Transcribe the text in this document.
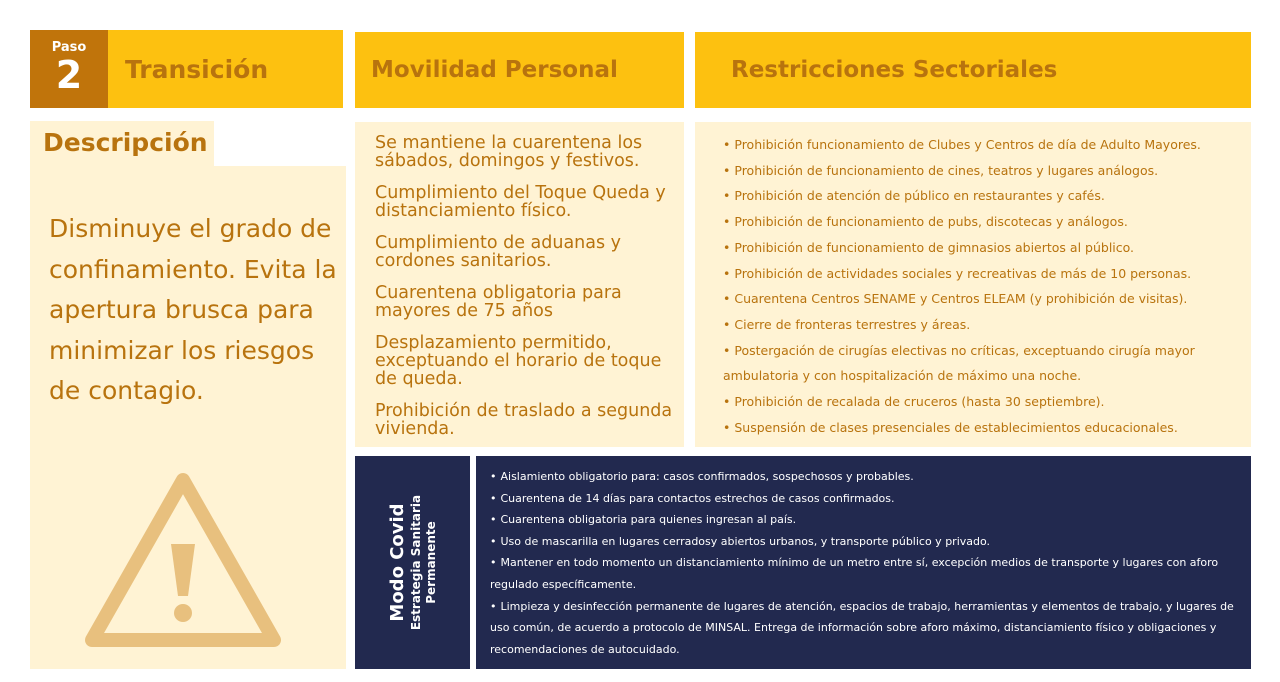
Paso
2	Transición	Movilidad Personal	Restricciones Sectoriales
Descripción
Disminuye el grado de confinamiento. Evita la apertura brusca para minimizar los riesgos de contagio.
Se mantiene la cuarentena los sábados, domingos y festivos.
Cumplimiento del Toque Queda y distanciamiento físico.
Cumplimiento de aduanas y cordones sanitarios.
Cuarentena obligatoria para mayores de 75 años
Desplazamiento permitido, exceptuando el horario de toque de queda.
Prohibición de traslado a segunda vivienda.
• Prohibición funcionamiento de Clubes y Centros de día de Adulto Mayores.
• Prohibición de funcionamiento de cines, teatros y lugares análogos.
• Prohibición de atención de público en restaurantes y cafés.
• Prohibición de funcionamiento de pubs, discotecas y análogos.
• Prohibición de funcionamiento de gimnasios abiertos al público.
• Prohibición de actividades sociales y recreativas de más de 10 personas.
• Cuarentena Centros SENAME y Centros ELEAM (y prohibición de visitas).
• Cierre de fronteras terrestres y áreas.
• Postergación de cirugías electivas no críticas, exceptuando cirugía mayor ambulatoria y con hospitalización de máximo una noche.
• Prohibición de recalada de cruceros (hasta 30 septiembre).
• Suspensión de clases presenciales de establecimientos educacionales.
Modo Covid Estrategia Sanitaria Permanente
• Aislamiento obligatorio para: casos confirmados, sospechosos y probables.
• Cuarentena de 14 días para contactos estrechos de casos confirmados.
• Cuarentena obligatoria para quienes ingresan al país.
• Uso de mascarilla en lugares cerradosy abiertos urbanos, y transporte público y privado.
• Mantener en todo momento un distanciamiento mínimo de un metro entre sí, excepción medios de transporte y lugares con aforo regulado específicamente.
• Limpieza y desinfección permanente de lugares de atención, espacios de trabajo, herramientas y elementos de trabajo, y lugares de uso común, de acuerdo a protocolo de MINSAL. Entrega de información sobre aforo máximo, distanciamiento físico y obligaciones y recomendaciones de autocuidado.
